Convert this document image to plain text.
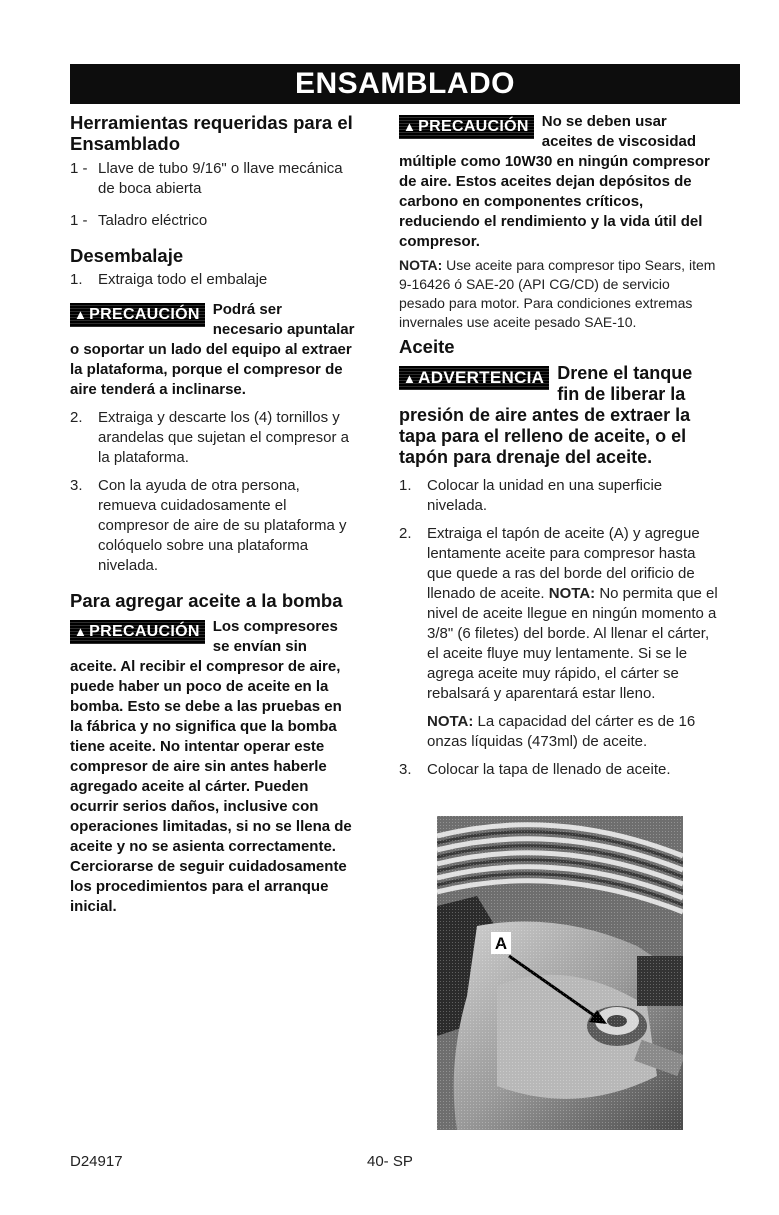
ENSAMBLADO
Herramientas requeridas para el Ensamblado
1 - Llave de tubo 9/16" o llave mecánica de boca abierta
1 - Taladro eléctrico
Desembalaje
1.	Extraiga todo el embalaje
▲ PRECAUCIÓN Podrá ser necesario apuntalar o soportar un lado del equipo al extraer la plataforma, porque el compresor de aire tenderá a inclinarse.
2.	Extraiga y descarte los (4) tornillos y arandelas que sujetan el compresor a la plataforma.
3.	Con la ayuda de otra persona, remueva cuidadosamente el compresor de aire de su plataforma y colóquelo sobre una plataforma nivelada.
Para agregar aceite a la bomba
▲ PRECAUCIÓN Los compresores se envían sin aceite. Al recibir el compresor de aire, puede haber un poco de aceite en la bomba. Esto se debe a las pruebas en la fábrica y no significa que la bomba tiene aceite. No intentar operar este compresor de aire sin antes haberle agregado aceite al cárter. Pueden ocurrir serios daños, inclusive con operaciones limitadas, si no se llena de aceite y no se asienta correctamente. Cerciorarse de seguir cuidadosamente los procedimientos para el arranque inicial.
▲ PRECAUCIÓN No se deben usar aceites de viscosidad múltiple como 10W30 en ningún compresor de aire. Estos aceites dejan depósitos de carbono en componentes críticos, reduciendo el rendimiento y la vida útil del compresor.
NOTA: Use aceite para compresor tipo Sears, item 9-16426 ó SAE-20 (API CG/CD) de servicio pesado para motor. Para condiciones extremas invernales use aceite pesado SAE-10.
Aceite
▲ ADVERTENCIA Drene el tanque fin de liberar la presión de aire antes de extraer la tapa para el relleno de aceite, o el tapón para drenaje del aceite.
1.	Colocar la unidad en una superficie nivelada.
2.	Extraiga el tapón de aceite (A) y agregue lentamente aceite para compresor hasta que quede a ras del borde del orificio de llenado de aceite. NOTA: No permita que el nivel de aceite llegue en ningún momento a 3/8" (6 filetes) del borde. Al llenar el cárter, el aceite fluye muy lentamente. Si se le agrega aceite muy rápido, el cárter se rebalsará y aparentará estar lleno.
NOTA: La capacidad del cárter es de 16 onzas líquidas (473ml) de aceite.
3.	Colocar la tapa de llenado de aceite.
D24917	40- SP
